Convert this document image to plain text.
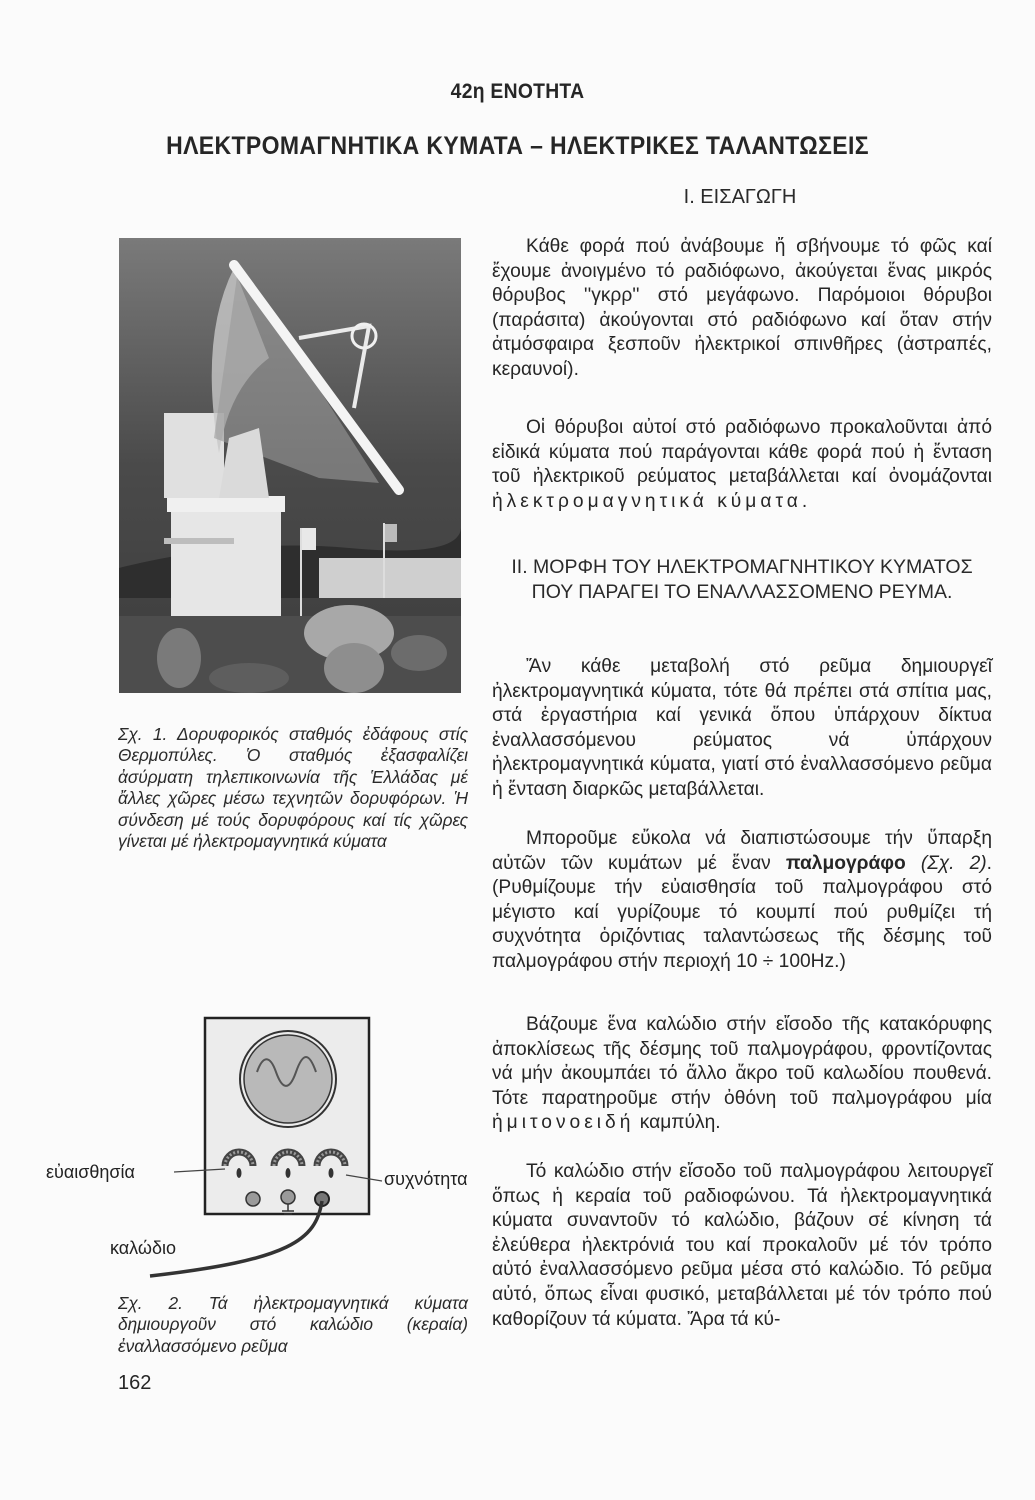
42η ΕΝΟΤΗΤΑ
ΗΛΕΚΤΡΟΜΑΓΝΗΤΙΚΑ ΚΥΜΑΤΑ – ΗΛΕΚΤΡΙΚΕΣ ΤΑΛΑΝΤΩΣΕΙΣ
Ι. ΕΙΣΑΓΩΓΗ

Κάθε φορά πού ἀνάβουμε ἤ σβήνουμε τό φῶς καί ἔχουμε ἀνοιγμένο τό ραδιόφωνο, ἀκούγεται ἕνας μικρός θόρυβος ''γκρρ'' στό μεγάφωνο. Παρόμοιοι θόρυβοι (παράσιτα) ἀκούγονται στό ραδιόφωνο καί ὅταν στήν ἀτμόσφαιρα ξεσποῦν ἠλεκτρικοί σπινθῆρες (ἀστραπές, κεραυνοί).

Οἱ θόρυβοι αὐτοί στό ραδιόφωνο προκαλοῦνται ἀπό εἰδικά κύματα πού παράγονται κάθε φορά πού ἡ ἔνταση τοῦ ἠλεκτρικοῦ ρεύματος μεταβάλλεται καί ὀνομάζονται ἠλεκτρομαγνητικά κύματα.

ΙΙ. ΜΟΡΦΗ ΤΟΥ ΗΛΕΚΤΡΟΜΑΓΝΗΤΙΚΟΥ ΚΥΜΑΤΟΣ ΠΟΥ ΠΑΡΑΓΕΙ ΤΟ ΕΝΑΛΛΑΣΣΟΜΕΝΟ ΡΕΥΜΑ.

Ἄν κάθε μεταβολή στό ρεῦμα δημιουργεῖ ἠλεκτρομαγνητικά κύματα, τότε θά πρέπει στά σπίτια μας, στά ἐργαστήρια καί γενικά ὅπου ὑπάρχουν δίκτυα ἐναλλασσόμενου ρεύματος νά ὑπάρχουν ἠλεκτρομαγνητικά κύματα, γιατί στό ἐναλλασσόμενο ρεῦμα ἡ ἔνταση διαρκῶς μεταβάλλεται.

Μποροῦμε εὔκολα νά διαπιστώσουμε τήν ὕπαρξη αὐτῶν τῶν κυμάτων μέ ἕναν παλμογράφο (Σχ. 2). (Ρυθμίζουμε τήν εὐαισθησία τοῦ παλμογράφου στό μέγιστο καί γυρίζουμε τό κουμπί πού ρυθμίζει τή συχνότητα ὁριζόντιας ταλαντώσεως τῆς δέσμης τοῦ παλμογράφου στήν περιοχή 10 ÷ 100Hz.)

Βάζουμε ἕνα καλώδιο στήν εἴσοδο τῆς κατακόρυφης ἀποκλίσεως τῆς δέσμης τοῦ παλμογράφου, φροντίζοντας νά μήν ἀκουμπάει τό ἄλλο ἄκρο τοῦ καλωδίου πουθενά. Τότε παρατηροῦμε στήν ὀθόνη τοῦ παλμογράφου μία ἡμιτονοειδή καμπύλη.

Τό καλώδιο στήν εἴσοδο τοῦ παλμογράφου λειτουργεῖ ὅπως ἡ κεραία τοῦ ραδιοφώνου. Τά ἠλεκτρομαγνητικά κύματα συναντοῦν τό καλώδιο, βάζουν σέ κίνηση τά ἐλεύθερα ἠλεκτρόνιά του καί προκαλοῦν μέ τόν τρόπο αὐτό ἐναλλασσόμενο ρεῦμα μέσα στό καλώδιο. Τό ρεῦμα αὐτό, ὅπως εἶναι φυσικό, μεταβάλλεται μέ τόν τρόπο πού καθορίζουν τά κύματα. Ἄρα τά κύ-

Σχ. 1. Δορυφορικός σταθμός ἐδάφους στίς Θερμοπύλες. Ὁ σταθμός ἐξασφαλίζει ἀσύρματη τηλεπικοινωνία τῆς Ἑλλάδας μέ ἄλλες χῶρες μέσω τεχνητῶν δορυφόρων. Ἡ σύνδεση μέ τούς δορυφόρους καί τίς χῶρες γίνεται μέ ἠλεκτρομαγνητικά κύματα
εὐαισθησία	συχνότητα
καλώδιο
Σχ. 2. Τά ἠλεκτρομαγνητικά κύματα δημιουργοῦν στό καλώδιο (κεραία) ἐναλλασσόμενο ρεῦμα
162
